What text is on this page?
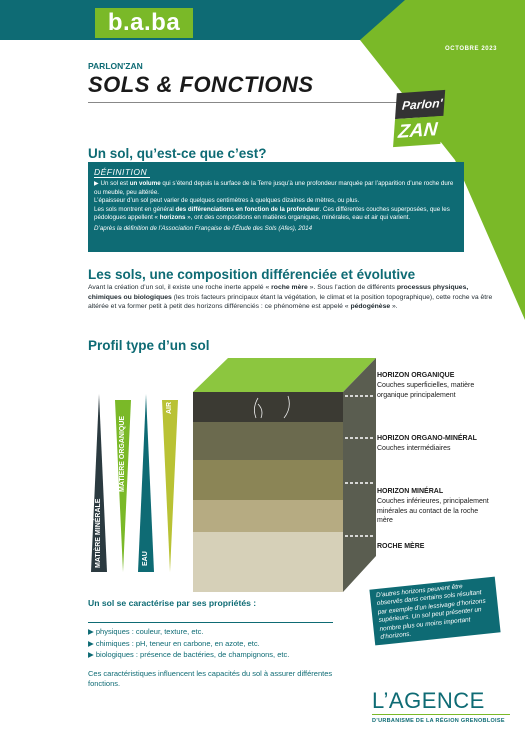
b.a.ba
OCTOBRE 2023
PARLON'ZAN
SOLS & FONCTIONS
Parlon'ZAN
Un sol, qu’est-ce que c’est?
DÉFINITION

▶ Un sol est un volume qui s’étend depuis la surface de la Terre jusqu’à une profondeur marquée par l’apparition d’une roche dure ou meuble, peu altérée.

L’épaisseur d’un sol peut varier de quelques centimètres à quelques dizaines de mètres, ou plus.

Les sols montrent en général des différenciations en fonction de la profondeur. Ces différentes couches superposées, que les pédologues appellent « horizons », ont des compositions en matières organiques, minérales, eau et air qui varient.

D’après la définition de l’Association Française de l’Étude des Sols (Afes), 2014

Les sols, une composition différenciée et évolutive

Avant la création d’un sol, il existe une roche inerte appelé « roche mère ». Sous l’action de différents processus physiques, chimiques ou biologiques (les trois facteurs principaux étant la végétation, le climat et la position topographique), cette roche va être altérée et va former petit à petit des horizons différenciés : ce phénomène est appelé « pédogénèse ».

Profil type d’un sol
MATIÈRE MINÉRALE
MATIÈRE ORGANIQUE
EAU
AIR
HORIZON ORGANIQUE
Couches superficielles, matière organique principalement
HORIZON ORGANO-MINÉRAL
Couches intermédiaires
HORIZON MINÉRAL
Couches inférieures, principalement minérales au contact de la roche mère
ROCHE MÈRE
D’autres horizons peuvent être observés dans certains sols résultant par exemple d’un lessivage d’horizons supérieurs. Un sol peut présenter un nombre plus ou moins important d’horizons.
Un sol se caractérise par ses propriétés :

▶ physiques : couleur, texture, etc.

▶ chimiques : pH, teneur en carbone, en azote, etc.

▶ biologiques : présence de bactéries, de champignons, etc.

Ces caractéristiques influencent les capacités du sol à assurer différentes fonctions.
L’AGENCE
D’URBANISME DE LA RÉGION GRENOBLOISE
